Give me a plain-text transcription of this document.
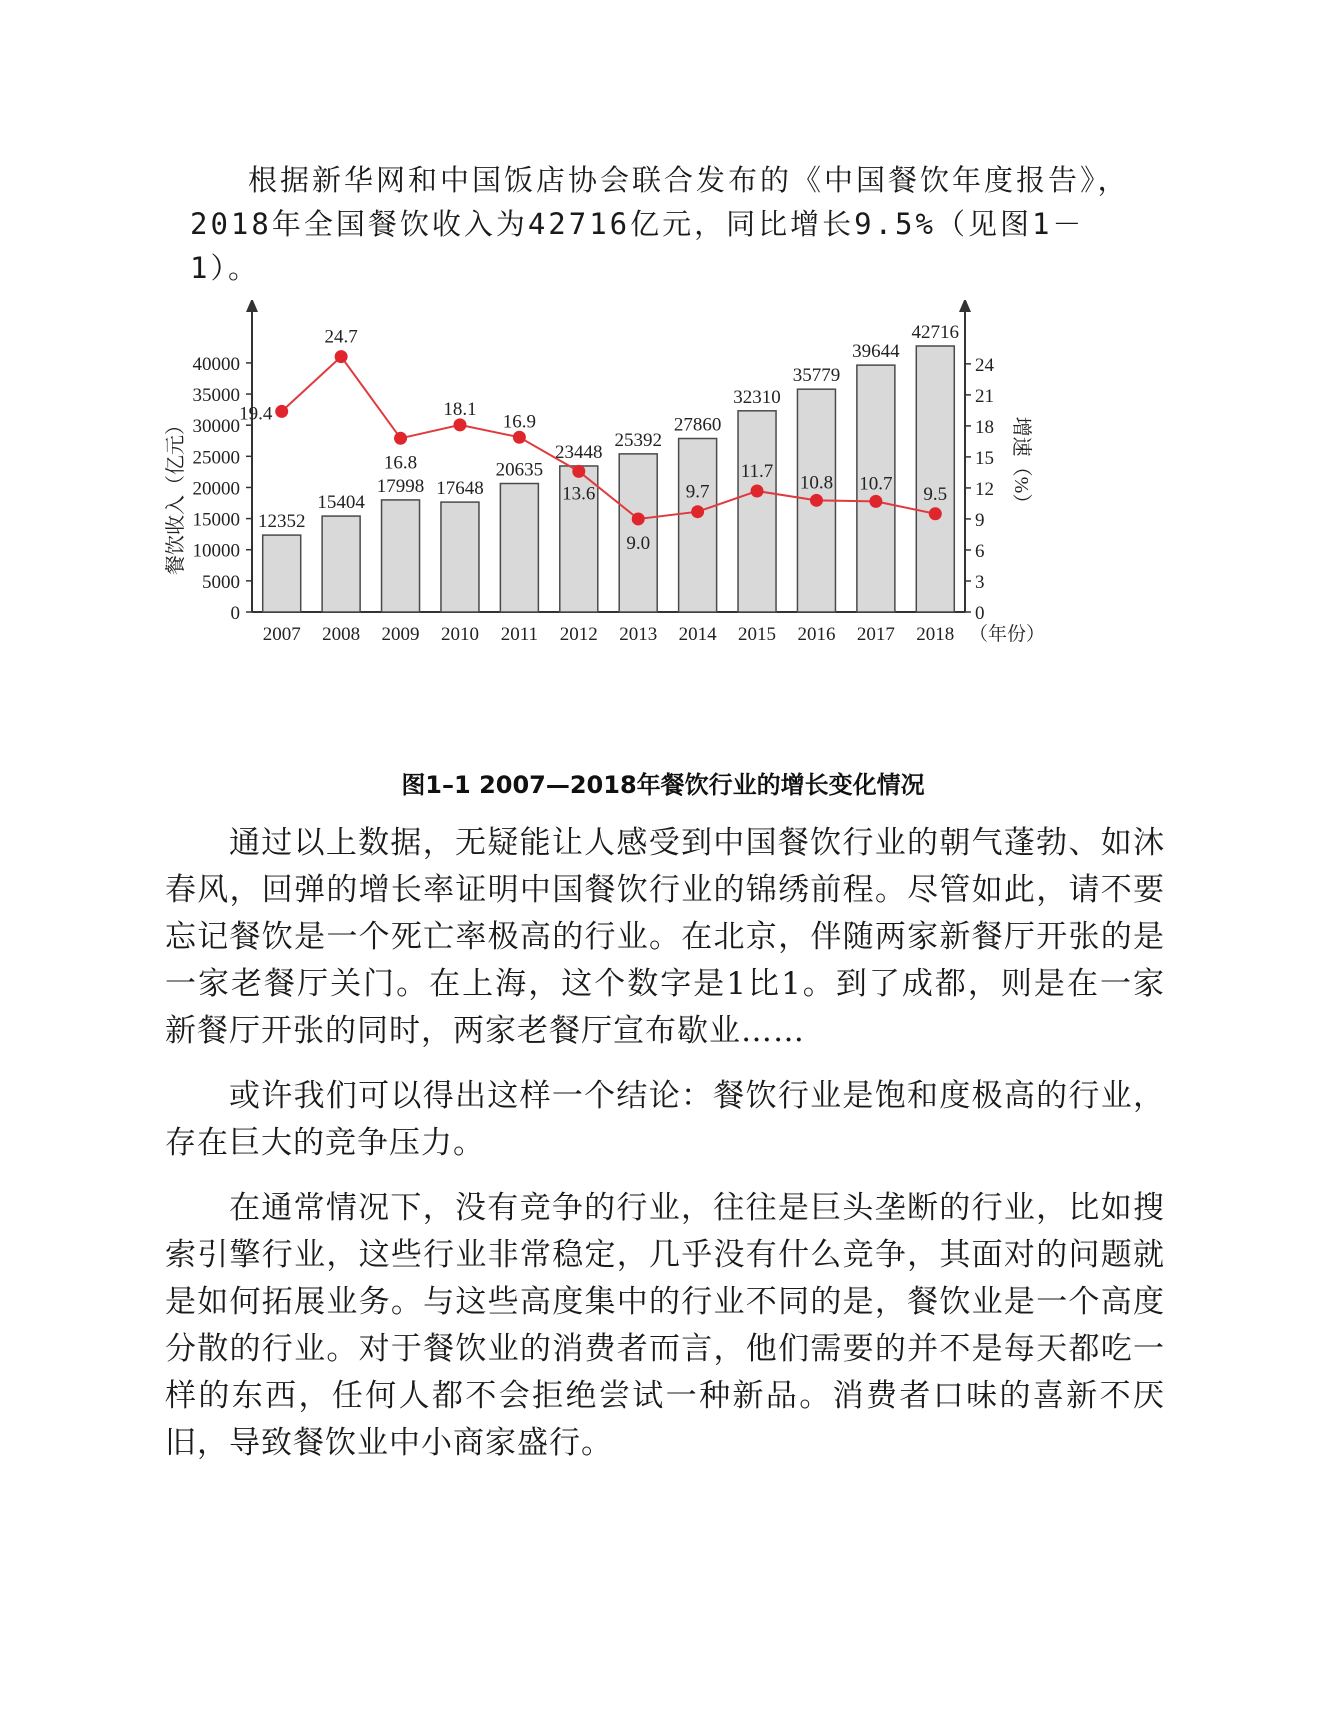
根据新华网和中国饭店协会联合发布的《中国餐饮年度报告》，2018年全国餐饮收入为42716亿元，同比增长9.5%（见图1－1）。

0
5000
10000
15000
20000
25000
30000
35000
40000
0
3
6
9
12
15
18
21
24
餐饮收入（亿元）	增速（%）
2007 2008 2009 2010 2011 2012 2013 2014 2015 2016 2017 2018 （年份）
12352
15404
17998 17648
20635
23448
25392
27860
32310
35779
39644
42716
19.4
24.7
16.8
18.1
16.9
13.6
9.0
9.7
11.7
10.8 10.7 9.5
图1–1 2007—2018年餐饮行业的增长变化情况

通过以上数据，无疑能让人感受到中国餐饮行业的朝气蓬勃、如沐春风，回弹的增长率证明中国餐饮行业的锦绣前程。尽管如此，请不要忘记餐饮是一个死亡率极高的行业。在北京，伴随两家新餐厅开张的是一家老餐厅关门。在上海，这个数字是1比1。到了成都，则是在一家新餐厅开张的同时，两家老餐厅宣布歇业……

或许我们可以得出这样一个结论：餐饮行业是饱和度极高的行业，存在巨大的竞争压力。

在通常情况下，没有竞争的行业，往往是巨头垄断的行业，比如搜索引擎行业，这些行业非常稳定，几乎没有什么竞争，其面对的问题就是如何拓展业务。与这些高度集中的行业不同的是，餐饮业是一个高度分散的行业。对于餐饮业的消费者而言，他们需要的并不是每天都吃一样的东西，任何人都不会拒绝尝试一种新品。消费者口味的喜新不厌旧，导致餐饮业中小商家盛行。
